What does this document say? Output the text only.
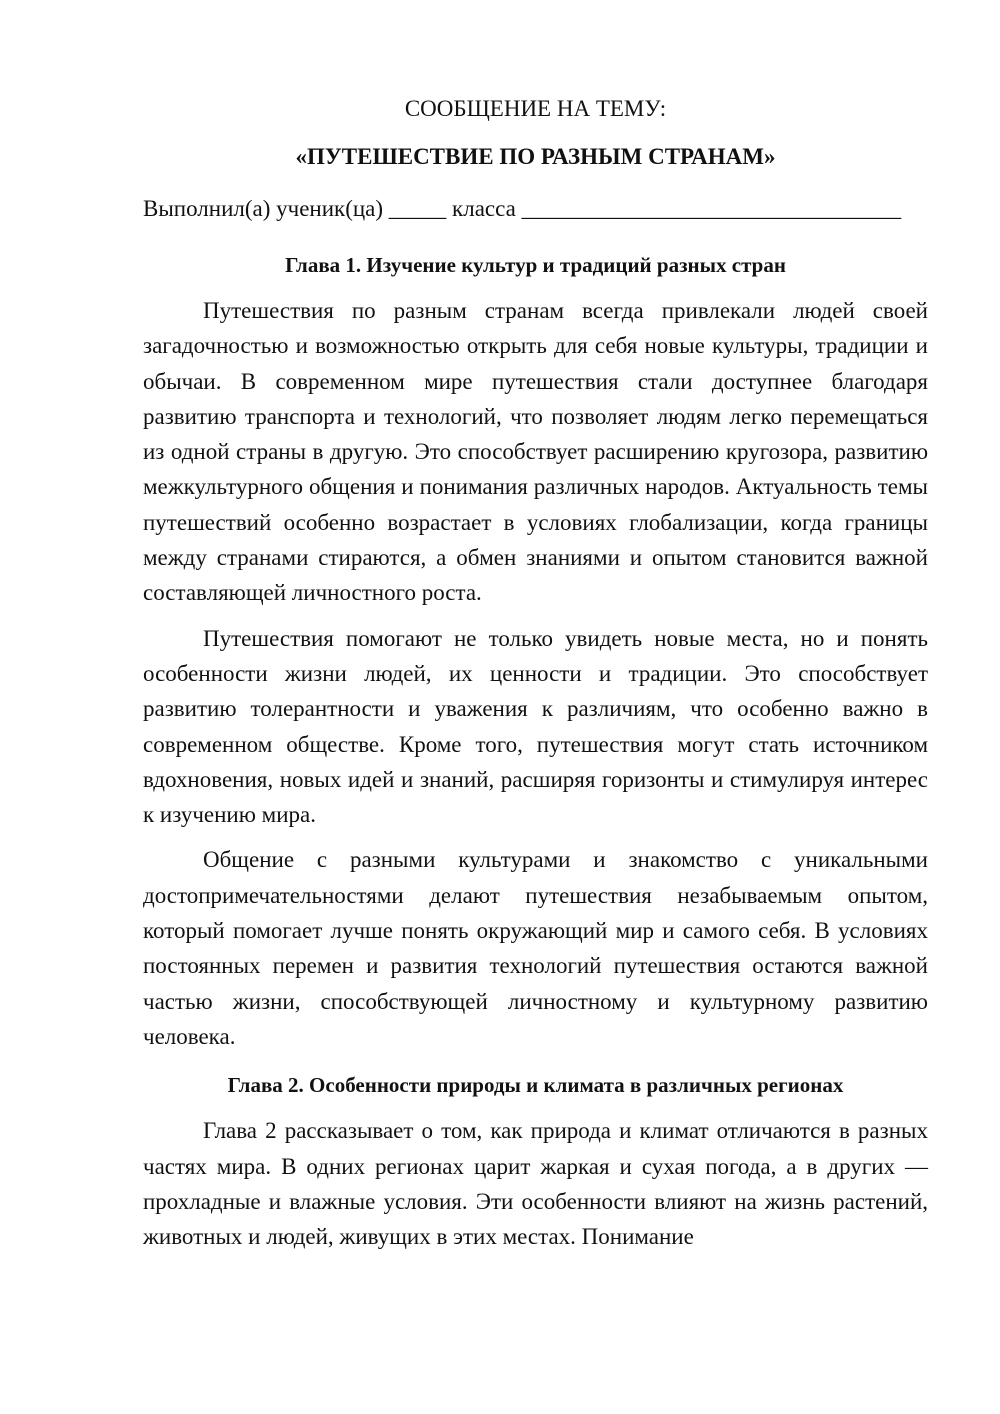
СООБЩЕНИЕ НА ТЕМУ:

«ПУТЕШЕСТВИЕ ПО РАЗНЫМ СТРАНАМ»

Выполнил(а) ученик(ца) _____ класса _________________________________
Глава 1. Изучение культур и традиций разных стран

Путешествия по разным странам всегда привлекали людей своей загадочностью и возможностью открыть для себя новые культуры, традиции и обычаи. В современном мире путешествия стали доступнее благодаря развитию транспорта и технологий, что позволяет людям легко перемещаться из одной страны в другую. Это способствует расширению кругозора, развитию межкультурного общения и понимания различных народов. Актуальность темы путешествий особенно возрастает в условиях глобализации, когда границы между странами стираются, а обмен знаниями и опытом становится важной составляющей личностного роста.

Путешествия помогают не только увидеть новые места, но и понять особенности жизни людей, их ценности и традиции. Это способствует развитию толерантности и уважения к различиям, что особенно важно в современном обществе. Кроме того, путешествия могут стать источником вдохновения, новых идей и знаний, расширяя горизонты и стимулируя интерес к изучению мира.

Общение с разными культурами и знакомство с уникальными достопримечательностями делают путешествия незабываемым опытом, который помогает лучше понять окружающий мир и самого себя. В условиях постоянных перемен и развития технологий путешествия остаются важной частью жизни, способствующей личностному и культурному развитию человека.

Глава 2. Особенности природы и климата в различных регионах

Глава 2 рассказывает о том, как природа и климат отличаются в разных частях мира. В одних регионах царит жаркая и сухая погода, а в других — прохладные и влажные условия. Эти особенности влияют на жизнь растений, животных и людей, живущих в этих местах. Понимание
